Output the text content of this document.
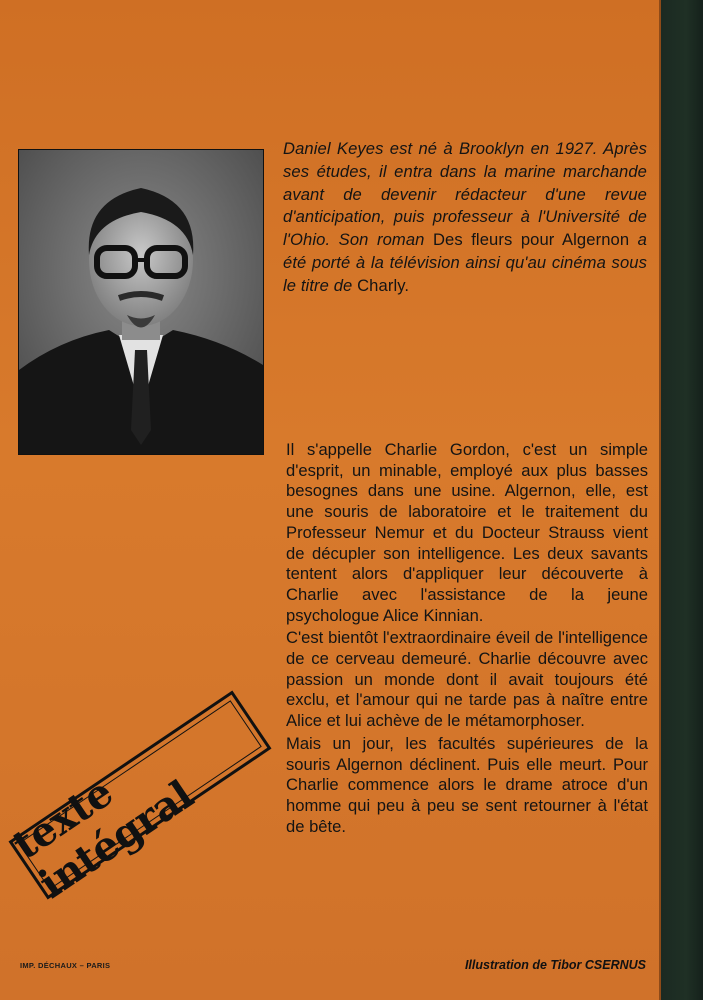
Daniel Keyes est né à Brooklyn en 1927. Après ses études, il entra dans la marine marchande avant de devenir rédacteur d'une revue d'anticipation, puis professeur à l'Université de l'Ohio. Son roman Des fleurs pour Algernon a été porté à la télévision ainsi qu'au cinéma sous le titre de Charly.

Il s'appelle Charlie Gordon, c'est un simple d'esprit, un minable, employé aux plus basses besognes dans une usine. Algernon, elle, est une souris de laboratoire et le traitement du Professeur Nemur et du Docteur Strauss vient de décupler son intelligence. Les deux savants tentent alors d'appliquer leur découverte à Charlie avec l'assistance de la jeune psychologue Alice Kinnian.

C'est bientôt l'extraordinaire éveil de l'intelligence de ce cerveau demeuré. Charlie découvre avec passion un monde dont il avait toujours été exclu, et l'amour qui ne tarde pas à naître entre Alice et lui achève de le métamorphoser.

Mais un jour, les facultés supérieures de la souris Algernon déclinent. Puis elle meurt. Pour Charlie commence alors le drame atroce d'un homme qui peu à peu se sent retourner à l'état de bête.

texte intégral
IMP. DÉCHAUX – PARIS	Illustration de Tibor CSERNUS
